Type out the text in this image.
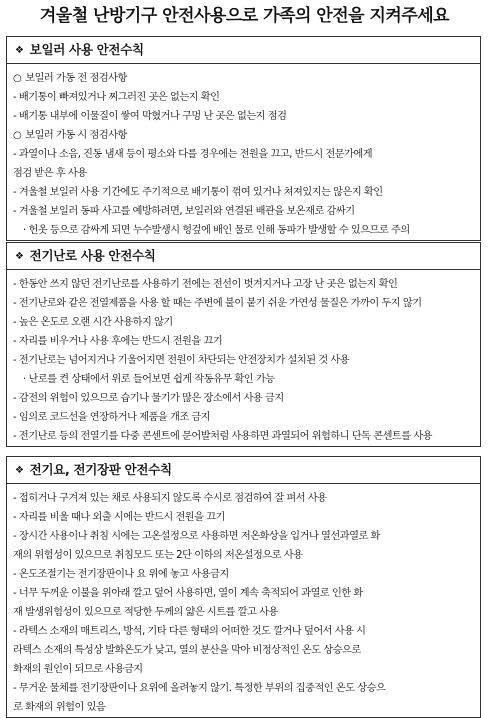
겨울철 난방기구 안전사용으로 가족의 안전을 지켜주세요
❖ 보일러 사용 안전수칙
○ 보일러 가동 전 점검사항
- 배기통이 빠져있거나 찌그러진 곳은 없는지 확인
- 배기통 내부에 이물질이 쌓여 막혔거나 구멍 난 곳은 없는지 점검
○ 보일러 가동 시 점검사항
- 과열이나 소음, 진동 냄새 등이 평소와 다를 경우에는 전원을 끄고, 반드시 전문가에게
점검 받은 후 사용
- 겨울철 보일러 사용 기간에도 주기적으로 배기통이 꺾여 있거나 쳐져있지는 않은지 확인
- 겨울철 보일러 동파 사고를 예방하려면, 보일러와 연결된 배관을 보온재로 감싸기
· 헌옷 등으로 감싸게 되면 누수발생시 헝겊에 배인 물로 인해 동파가 발생할 수 있으므로 주의
❖ 전기난로 사용 안전수칙
- 한동안 쓰지 않던 전기난로를 사용하기 전에는 전선이 벗겨지거나 고장 난 곳은 없는지 확인
- 전기난로와 같은 전열제품을 사용 할 때는 주변에 불이 붙기 쉬운 가연성 물질은 가까이 두지 않기
- 높은 온도로 오랜 시간 사용하지 않기
- 자리를 비우거나 사용 후에는 반드시 전원을 끄기
- 전기난로는 넘어지거나 기울어지면 전원이 차단되는 안전장치가 설치된 것 사용
· 난로를 켠 상태에서 위로 들어보면 쉽게 작동유무 확인 가능
- 감전의 위험이 있으므로 습기나 물기가 많은 장소에서 사용 금지
- 임의로 코드선을 연장하거나 제품을 개조 금지
- 전기난로 등의 전열기를 다중 콘센트에 문어발처럼 사용하면 과열되어 위험하니 단독 콘센트를 사용
❖ 전기요, 전기장판 안전수칙
- 접히거나 구겨져 있는 채로 사용되지 않도록 수시로 점검하여 잘 펴서 사용
- 자리를 비울 때나 외출 시에는 반드시 전원을 끄기
- 장시간 사용이나 취침 시에는 고온설정으로 사용하면 저온화상을 입거나 열선과열로 화
재의 위험성이 있으므로 취침모드 또는 2단 이하의 저온설정으로 사용
- 온도조절기는 전기장판이나 요 위에 놓고 사용금지
- 너무 두꺼운 이불을 위아래 깔고 덮어 사용하면, 열이 계속 축적되어 과열로 인한 화
재 발생위험성이 있으므로 적당한 두께의 얇은 시트를 깔고 사용
- 라텍스 소재의 매트리스, 방석, 기타 다른 형태의 어떠한 것도 깔거나 덮어서 사용 시
라텍스 소재의 특성상 발화온도가 낮고, 열의 분산을 막아 비정상적인 온도 상승으로
화재의 원인이 되므로 사용금지
- 무거운 물체를 전기장판이나 요위에 올려놓지 않기. 특정한 부위의 집중적인 온도 상승으
로 화재의 위험이 있음
